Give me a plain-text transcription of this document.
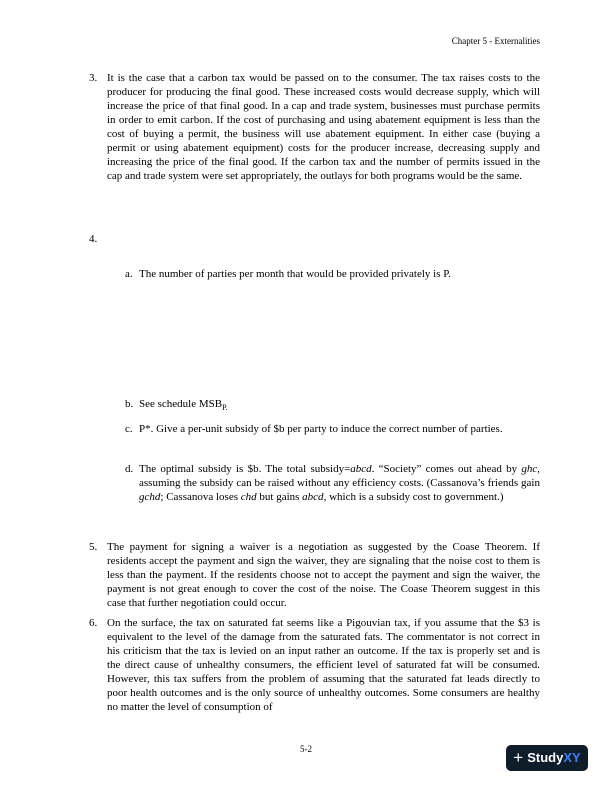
Chapter 5 - Externalities
3. It is the case that a carbon tax would be passed on to the consumer. The tax raises costs to the producer for producing the final good. These increased costs would decrease supply, which will increase the price of that final good. In a cap and trade system, businesses must purchase permits in order to emit carbon. If the cost of purchasing and using abatement equipment is less than the cost of buying a permit, the business will use abatement equipment. In either case (buying a permit or using abatement equipment) costs for the producer increase, decreasing supply and increasing the price of the final good. If the carbon tax and the number of permits issued in the cap and trade system were set appropriately, the outlays for both programs would be the same.
4.
a. The number of parties per month that would be provided privately is P.
b. See schedule $MSB_{P.}$
c. P*. Give a per-unit subsidy of $b per party to induce the correct number of parties.
d. The optimal subsidy is $b. The total subsidy=abcd. “Society” comes out ahead by ghc, assuming the subsidy can be raised without any efficiency costs. (Cassanova’s friends gain gchd; Cassanova loses chd but gains abcd, which is a subsidy cost to government.)
5. The payment for signing a waiver is a negotiation as suggested by the Coase Theorem. If residents accept the payment and sign the waiver, they are signaling that the noise cost to them is less than the payment. If the residents choose not to accept the payment and sign the waiver, the payment is not great enough to cover the cost of the noise. The Coase Theorem suggest in this case that further negotiation could occur.
6. On the surface, the tax on saturated fat seems like a Pigouvian tax, if you assume that the $3 is equivalent to the level of the damage from the saturated fats. The commentator is not correct in his criticism that the tax is levied on an input rather an outcome. If the tax is properly set and is the direct cause of unhealthy consumers, the efficient level of saturated fat will be consumed. However, this tax suffers from the problem of assuming that the saturated fat leads directly to poor health outcomes and is the only source of unhealthy outcomes. Some consumers are healthy no matter the level of consumption of
5-2	+ Study XY
